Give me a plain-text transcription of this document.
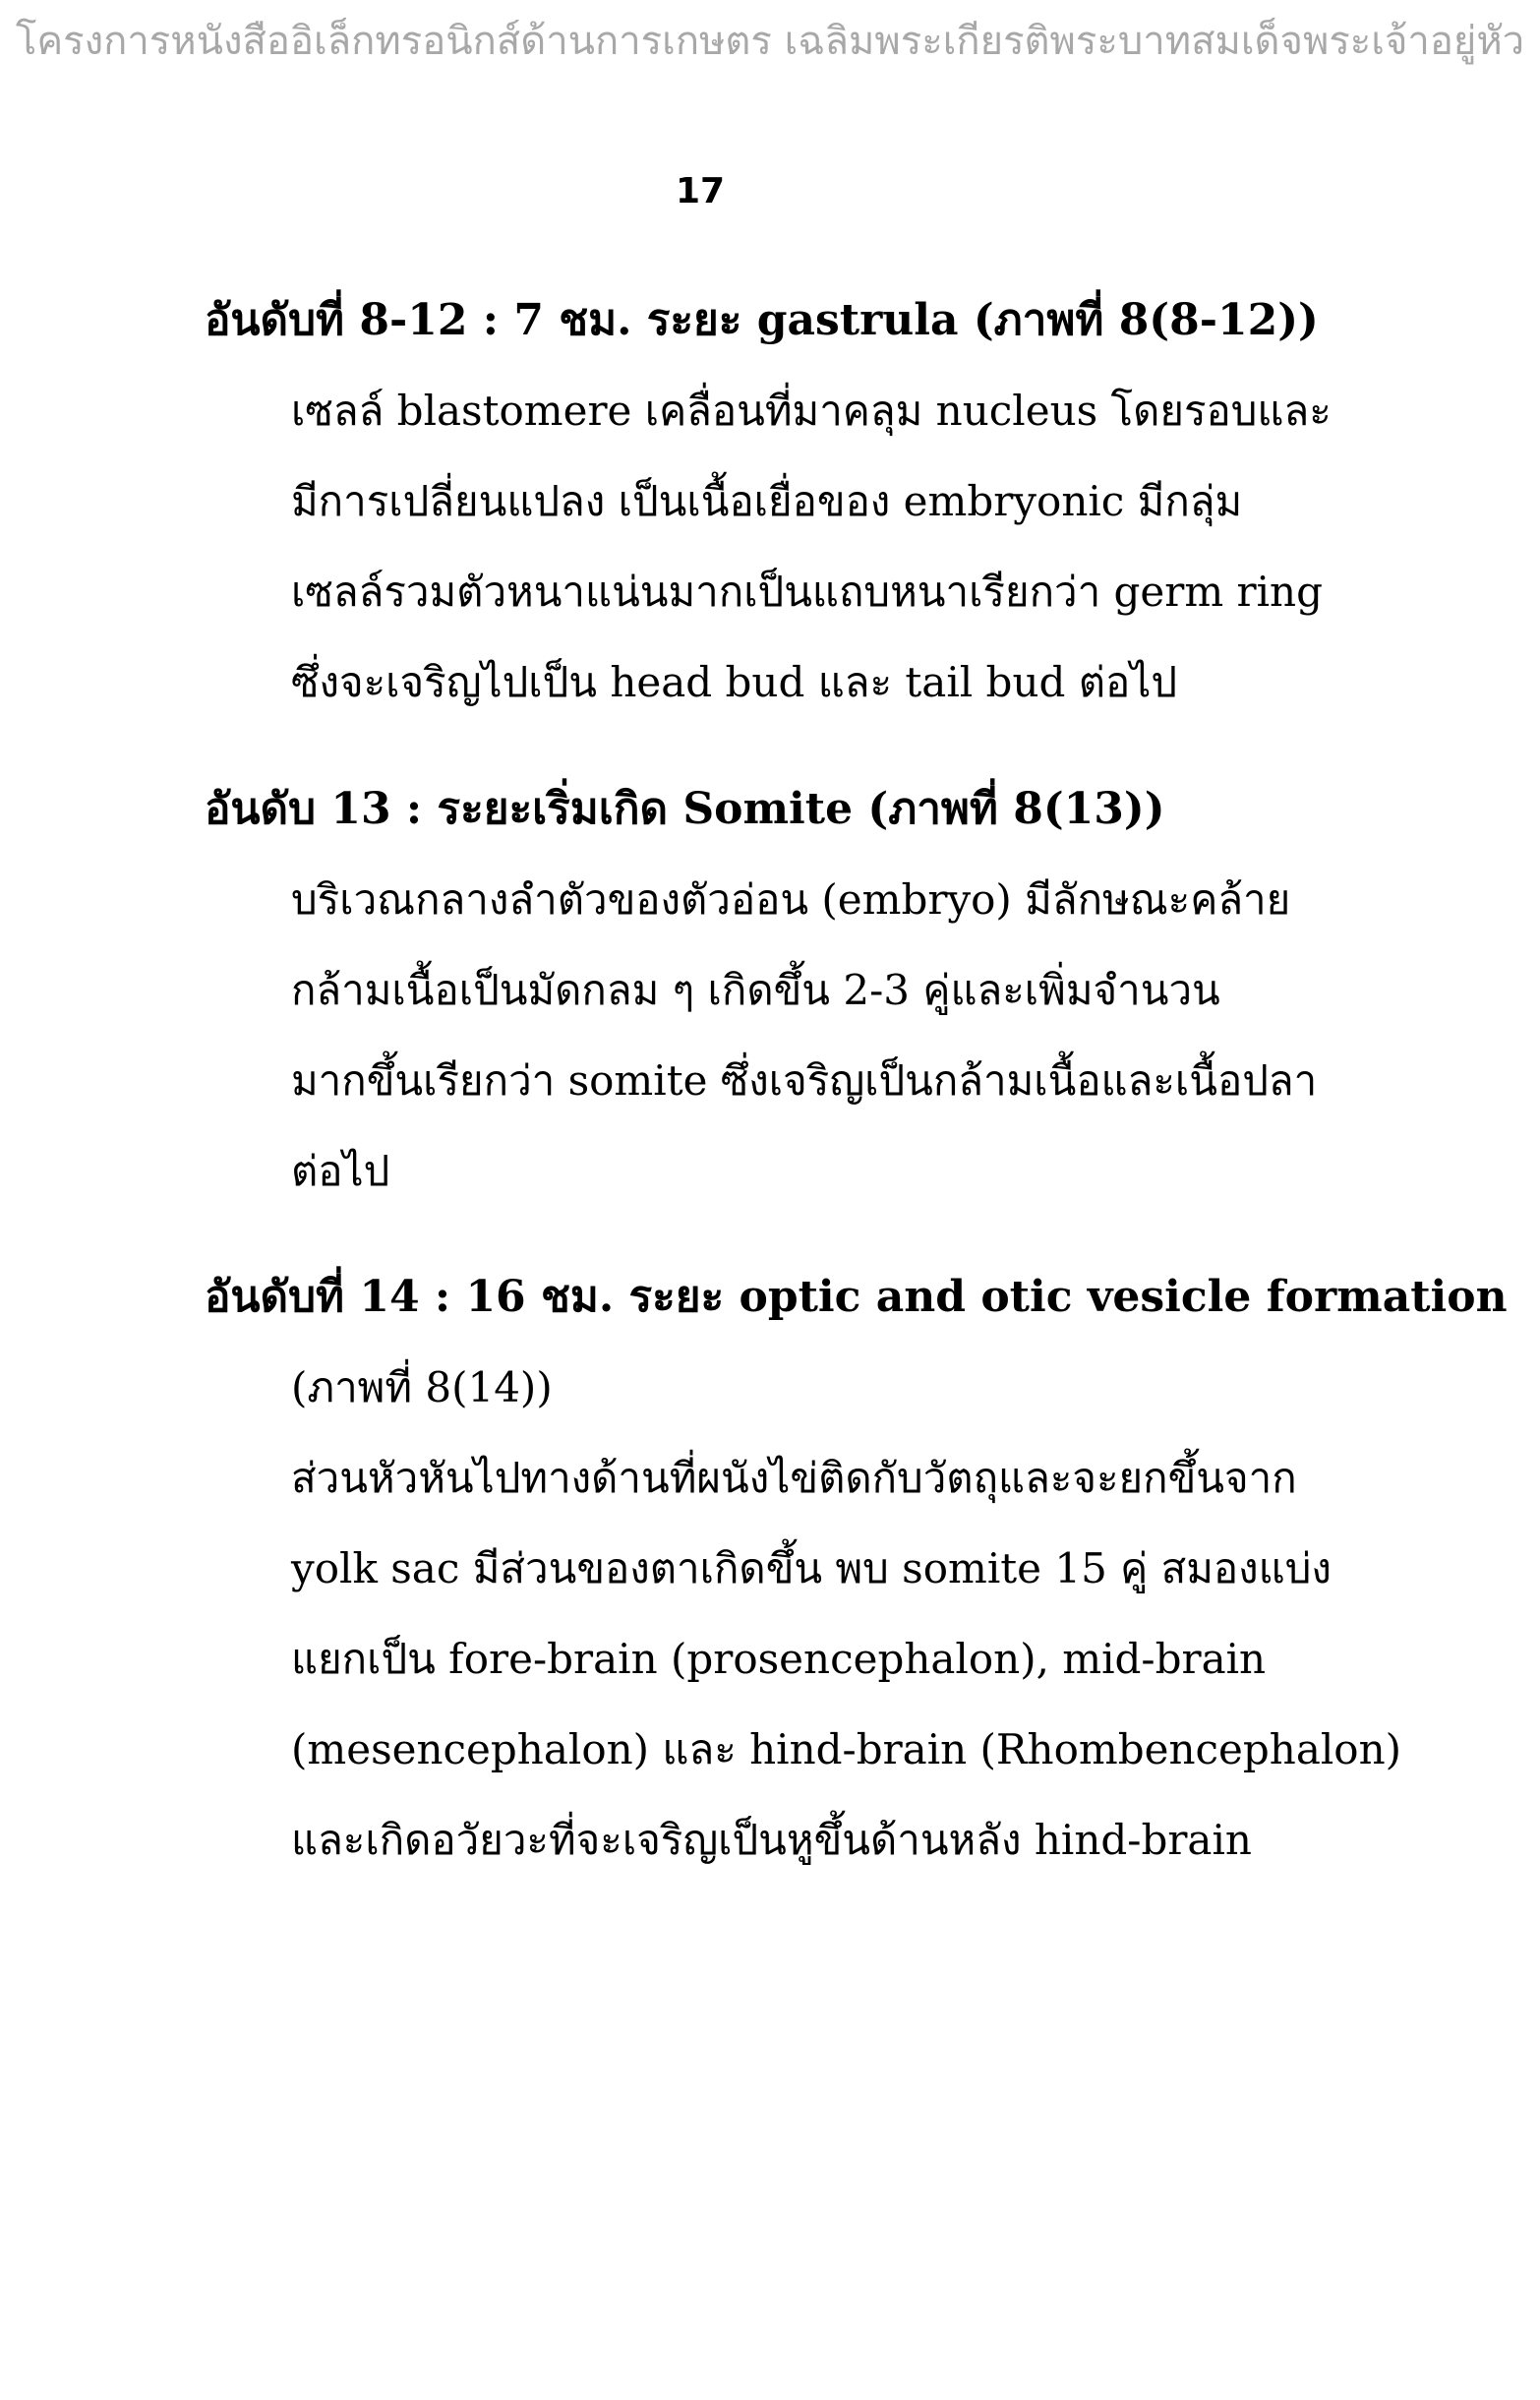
โครงการหนังสืออิเล็กทรอนิกส์ด้านการเกษตร เฉลิมพระเกียรติพระบาทสมเด็จพระเจ้าอยู่หัว
17
อันดับที่ 8-12 : 7 ชม. ระยะ gastrula (ภาพที่ 8(8-12))
เซลล์ blastomere เคลื่อนที่มาคลุม nucleus โดยรอบและ
มีการเปลี่ยนแปลง เป็นเนื้อเยื่อของ embryonic มีกลุ่ม
เซลล์รวมตัวหนาแน่นมากเป็นแถบหนาเรียกว่า germ ring
ซึ่งจะเจริญไปเป็น head bud และ tail bud ต่อไป
อันดับ 13 : ระยะเริ่มเกิด Somite (ภาพที่ 8(13))
บริเวณกลางลำตัวของตัวอ่อน (embryo) มีลักษณะคล้าย
กล้ามเนื้อเป็นมัดกลม ๆ เกิดขึ้น 2-3 คู่และเพิ่มจำนวน
มากขึ้นเรียกว่า somite ซึ่งเจริญเป็นกล้ามเนื้อและเนื้อปลา
ต่อไป
อันดับที่ 14 : 16 ชม. ระยะ optic and otic vesicle formation
(ภาพที่ 8(14))
ส่วนหัวหันไปทางด้านที่ผนังไข่ติดกับวัตถุและจะยกขึ้นจาก
yolk sac มีส่วนของตาเกิดขึ้น พบ somite 15 คู่ สมองแบ่ง
แยกเป็น fore-brain (prosencephalon), mid-brain
(mesencephalon) และ hind-brain (Rhombencephalon)
และเกิดอวัยวะที่จะเจริญเป็นหูขึ้นด้านหลัง hind-brain
